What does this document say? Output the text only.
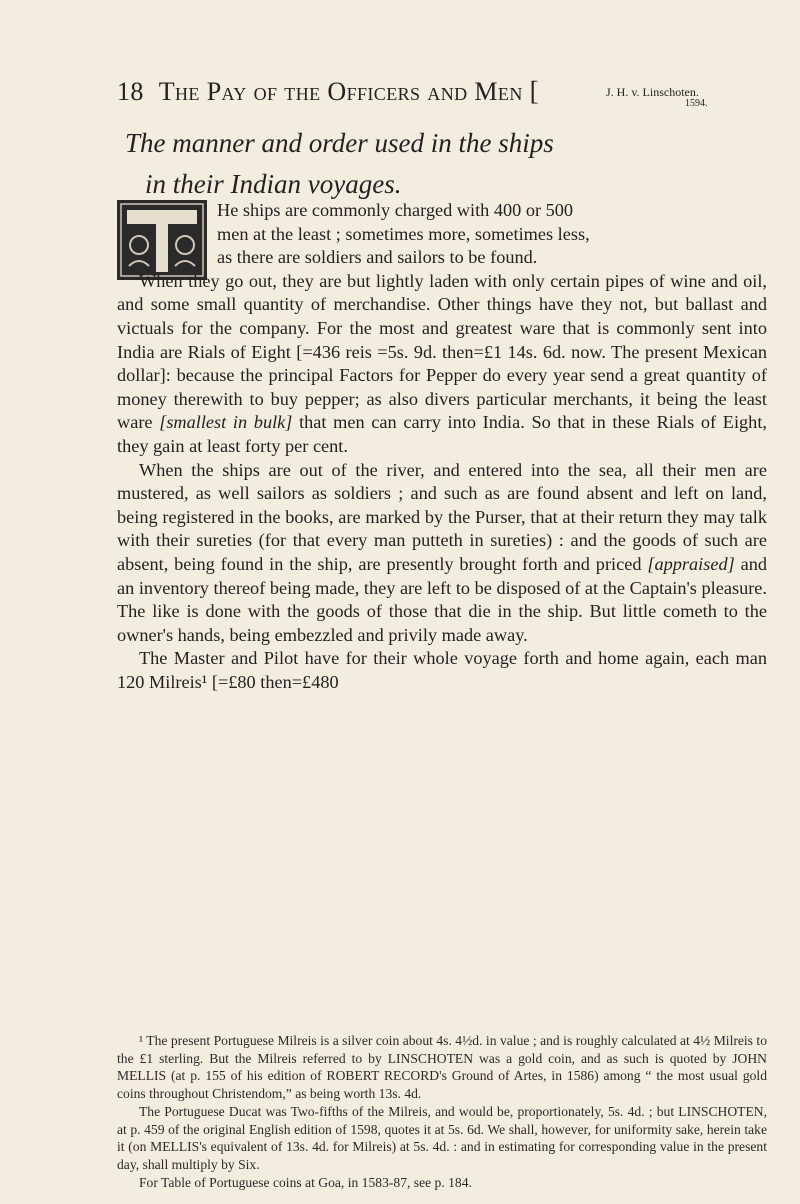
18 The Pay of the Officers and Men [	J. H. v. Linschoten.
1594.
The manner and order used in the ships
in their Indian voyages.

He ships are commonly charged with 400 or 500

men at the least ; sometimes more, sometimes less,

as there are soldiers and sailors to be found.

When they go out, they are but lightly laden with only certain pipes of wine and oil, and some small quantity of merchandise. Other things have they not, but ballast and victuals for the company. For the most and greatest ware that is commonly sent into India are Rials of Eight [=436 reis =5s. 9d. then=£1 14s. 6d. now. The present Mexican dollar]: because the principal Factors for Pepper do every year send a great quantity of money therewith to buy pepper; as also divers particular merchants, it being the least ware [smallest in bulk] that men can carry into India. So that in these Rials of Eight, they gain at least forty per cent.

When the ships are out of the river, and entered into the sea, all their men are mustered, as well sailors as soldiers ; and such as are found absent and left on land, being registered in the books, are marked by the Purser, that at their return they may talk with their sureties (for that every man putteth in sureties) : and the goods of such are absent, being found in the ship, are presently brought forth and priced [appraised] and an inventory thereof being made, they are left to be disposed of at the Captain's pleasure. The like is done with the goods of those that die in the ship. But little cometh to the owner's hands, being embezzled and privily made away.

The Master and Pilot have for their whole voyage forth and home again, each man 120 Milreis¹ [=£80 then=£480

¹ The present Portuguese Milreis is a silver coin about 4s. 4½d. in value ; and is roughly calculated at 4½ Milreis to the £1 sterling. But the Milreis referred to by LINSCHOTEN was a gold coin, and as such is quoted by JOHN MELLIS (at p. 155 of his edition of ROBERT RECORD's Ground of Artes, in 1586) among “ the most usual gold coins throughout Christendom,” as being worth 13s. 4d.

The Portuguese Ducat was Two-fifths of the Milreis, and would be, proportionately, 5s. 4d. ; but LINSCHOTEN, at p. 459 of the original English edition of 1598, quotes it at 5s. 6d. We shall, however, for uniformity sake, herein take it (on MELLIS's equivalent of 13s. 4d. for Milreis) at 5s. 4d. : and in estimating for corresponding value in the present day, shall multiply by Six.

For Table of Portuguese coins at Goa, in 1583-87, see p. 184.
